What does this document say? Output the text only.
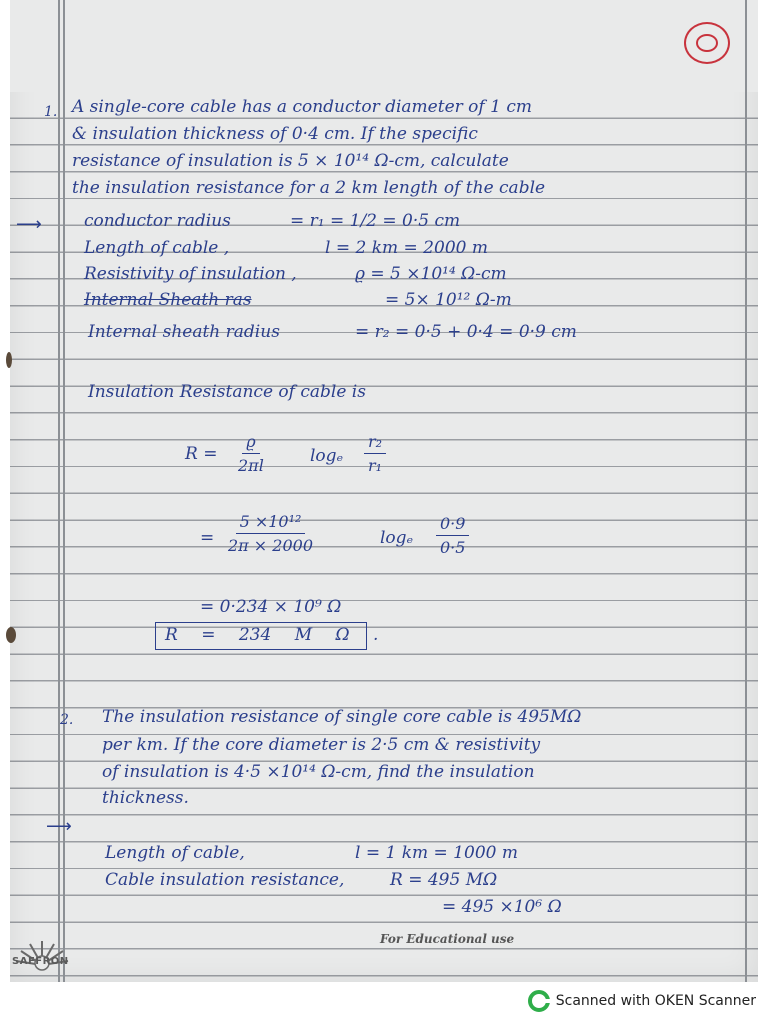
1. A single-core cable has a conductor diameter of 1 cm
& insulation thickness of 0·4 cm. If the specific
resistance of insulation is 5 × 10¹⁴ Ω-cm, calculate
the insulation resistance for a 2 km length of the cable
⟶ conductor radius	= r₁ = 1/2 = 0·5 cm
Length of cable ,	l = 2 km = 2000 m
Resistivity of insulation ,	ϱ = 5 ×10¹⁴ Ω-cm
Internal Sheath ras	= 5× 10¹² Ω-m
Internal sheath radius	= r₂ = 0·5 + 0·4 = 0·9 cm
Insulation Resistance of cable is
$R = \frac{ϱ}{2\pi l}$	logₑ $\frac{\text{r₂}}{\text{r₁}}$
= $\frac{\text{5 ×10¹²}}{2\pi \times 2000}$	logₑ $\frac{0\cdot 9}{0\cdot 5}$
= 0·234 × 10⁹ Ω
R = 234 M Ω .
2. The insulation resistance of single core cable is 495MΩ
per km. If the core diameter is 2·5 cm & resistivity
of insulation is 4·5 ×10¹⁴ Ω-cm, find the insulation
thickness.
⟶
Length of cable,	l = 1 km = 1000 m
Cable insulation resistance,	R = 495 MΩ
= 495 ×10⁶ Ω
SAFFRON
For Educational use
Scanned with OKEN Scanner
